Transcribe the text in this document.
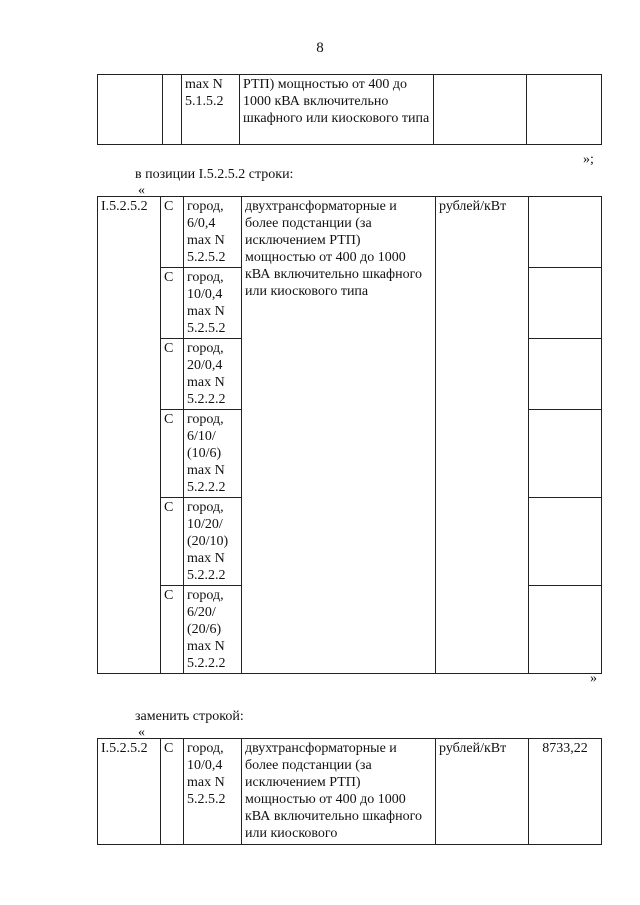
8
		max N 5.1.5.2	РТП) мощностью от 400 до 1000 кВА включительно шкафного или киоскового типа		
»;

в позиции I.5.2.5.2 строки:

«
I.5.2.5.2	С	город, 6/0,4 max N 5.2.5.2	двухтрансформаторные и более подстанции (за исключением РТП) мощностью от 400 до 1000 кВА включительно шкафного или киоскового типа	рублей/кВт	
	С	город, 10/0,4 max N 5.2.5.2			
	С	город, 20/0,4 max N 5.2.2.2			
	С	город, 6/10/ (10/6) max N 5.2.2.2			
	С	город, 10/20/ (20/10) max N 5.2.2.2			
	С	город, 6/20/ (20/6) max N 5.2.2.2			
»

заменить строкой:

«
I.5.2.5.2	С	город, 10/0,4 max N 5.2.5.2	двухтрансформаторные и более подстанции (за исключением РТП) мощностью от 400 до 1000 кВА включительно шкафного или киоскового	рублей/кВт	8733,22
